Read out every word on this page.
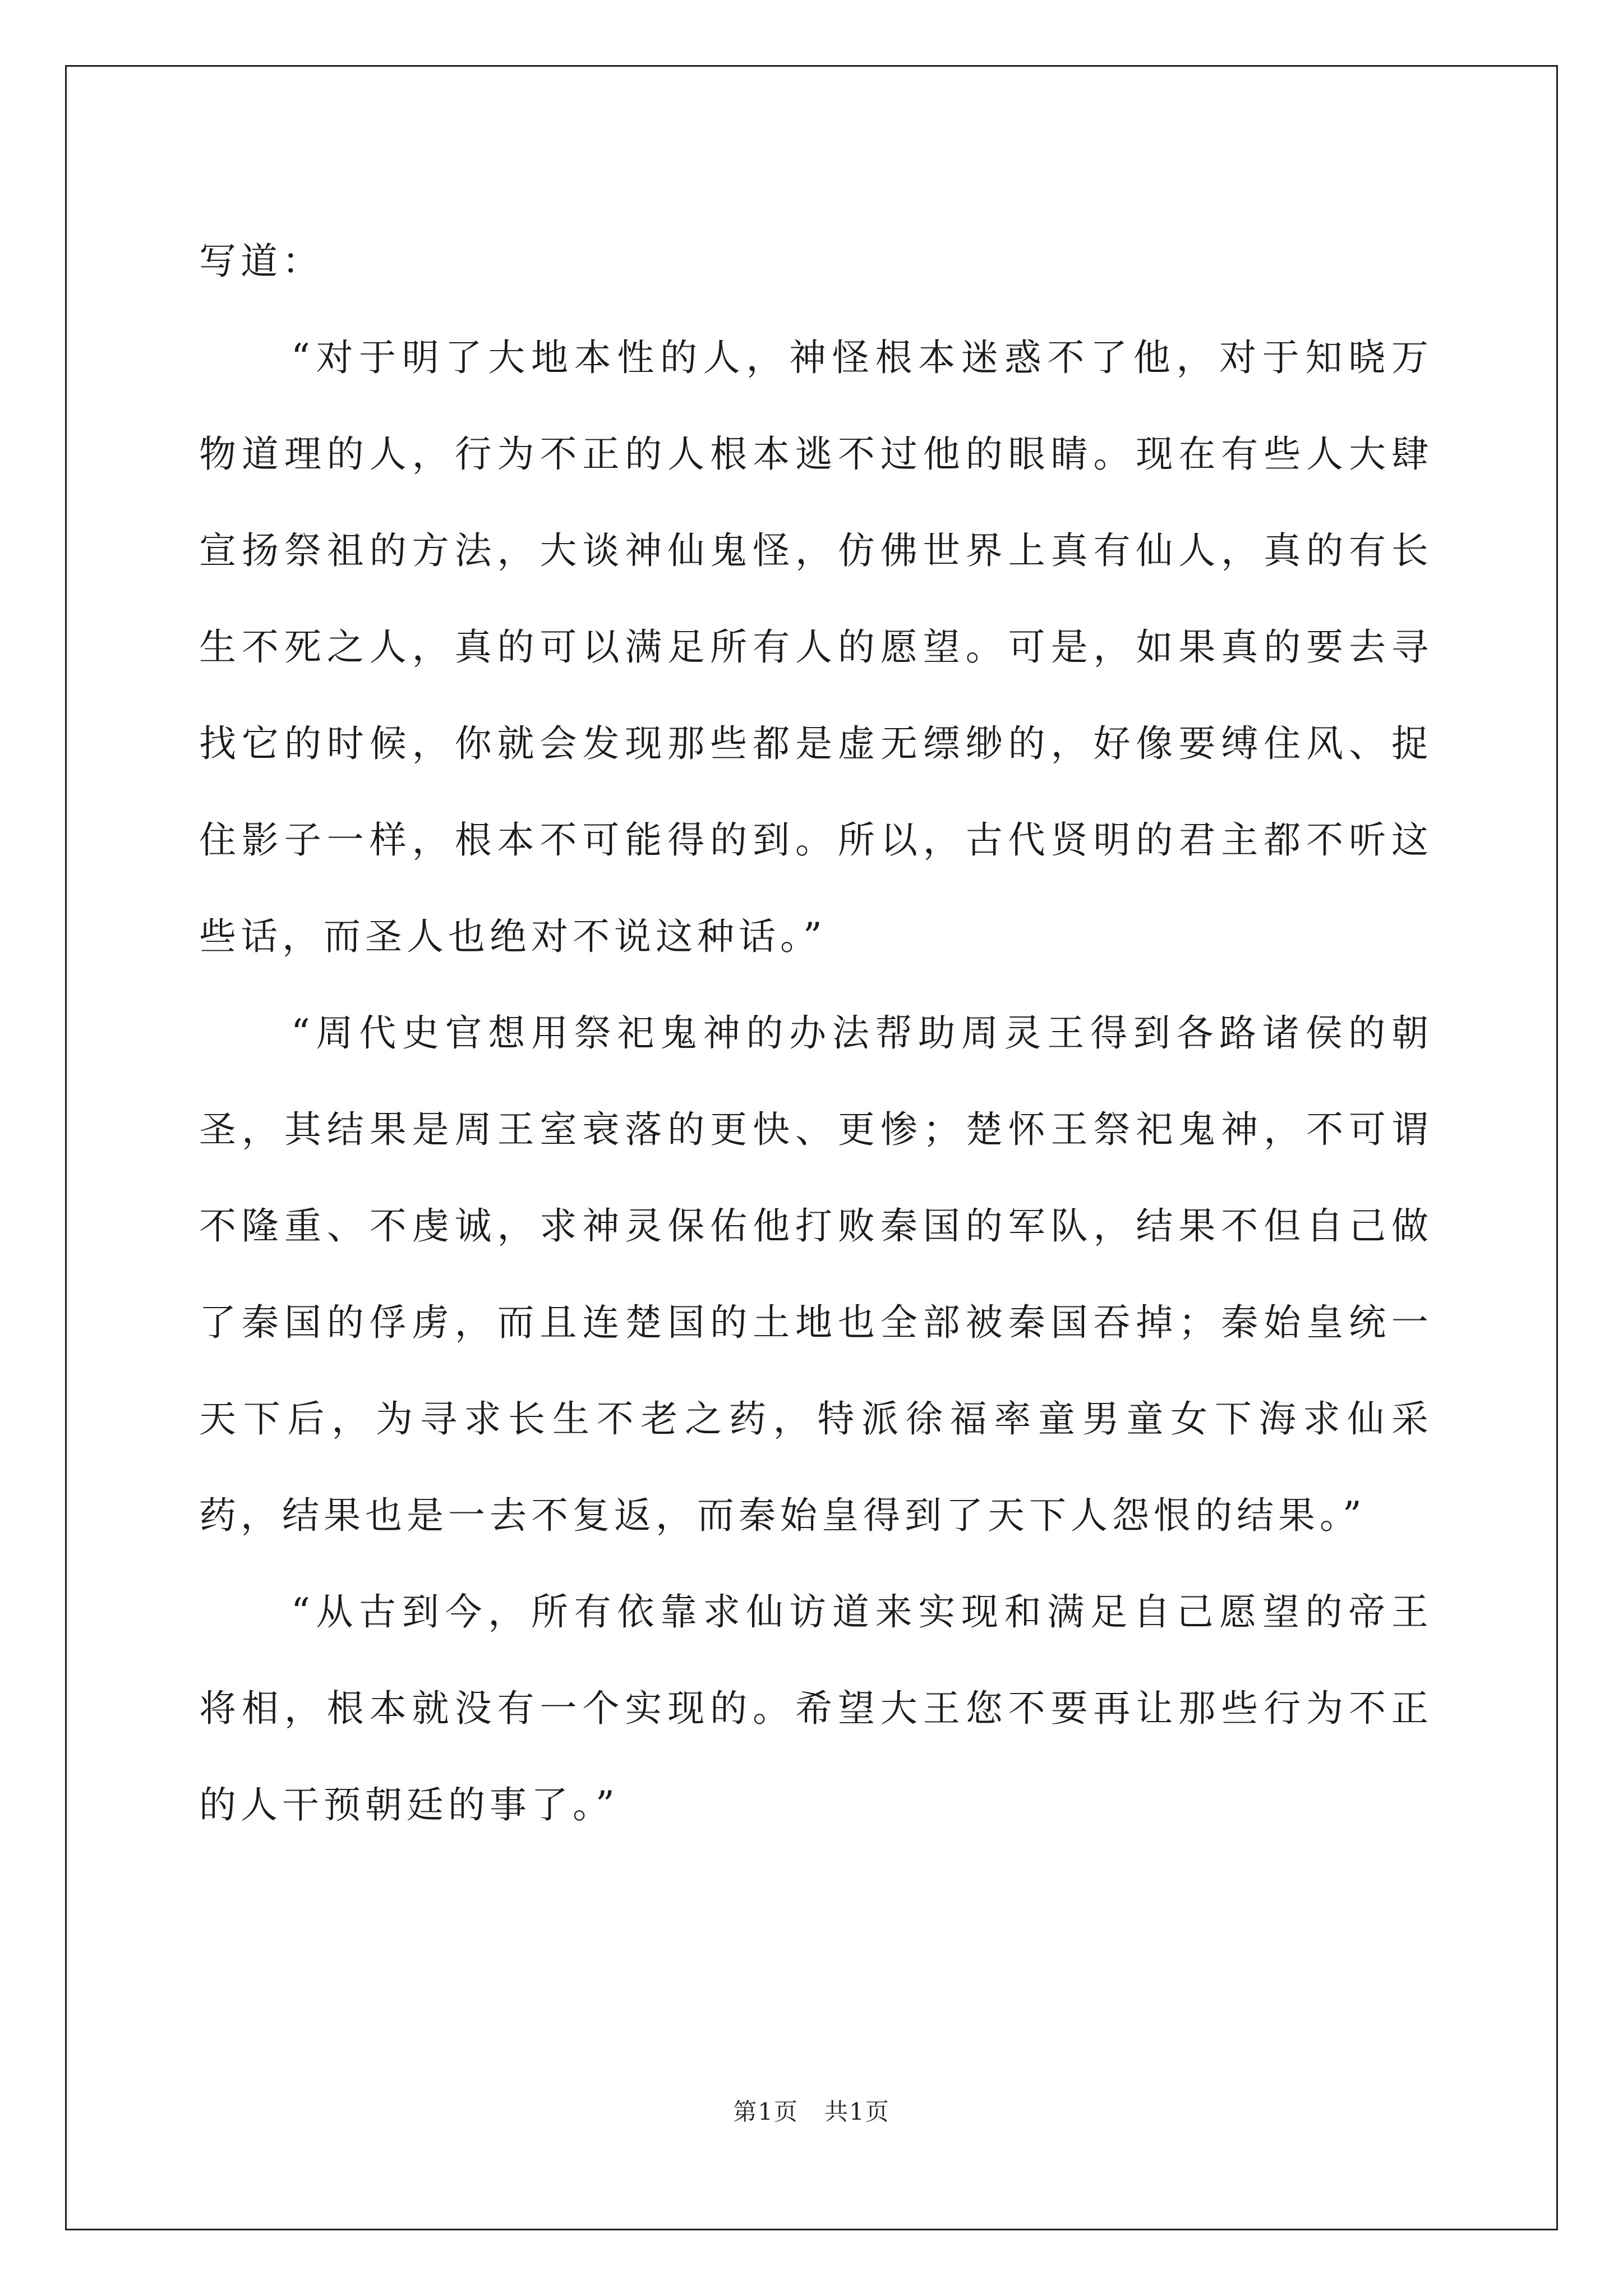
写道：

“对于明了大地本性的人，神怪根本迷惑不了他，对于知晓万物道理的人，行为不正的人根本逃不过他的眼睛。现在有些人大肆宣扬祭祖的方法，大谈神仙鬼怪，仿佛世界上真有仙人，真的有长生不死之人，真的可以满足所有人的愿望。可是，如果真的要去寻找它的时候，你就会发现那些都是虚无缥缈的，好像要缚住风、捉住影子一样，根本不可能得的到。所以，古代贤明的君主都不听这些话，而圣人也绝对不说这种话。”

“周代史官想用祭祀鬼神的办法帮助周灵王得到各路诸侯的朝圣，其结果是周王室衰落的更快、更惨；楚怀王祭祀鬼神，不可谓不隆重、不虔诚，求神灵保佑他打败秦国的军队，结果不但自己做了秦国的俘虏，而且连楚国的土地也全部被秦国吞掉；秦始皇统一天下后，为寻求长生不老之药，特派徐福率童男童女下海求仙采药，结果也是一去不复返，而秦始皇得到了天下人怨恨的结果。”

“从古到今，所有依靠求仙访道来实现和满足自己愿望的帝王将相，根本就没有一个实现的。希望大王您不要再让那些行为不正的人干预朝廷的事了。”

第1页 共1页
